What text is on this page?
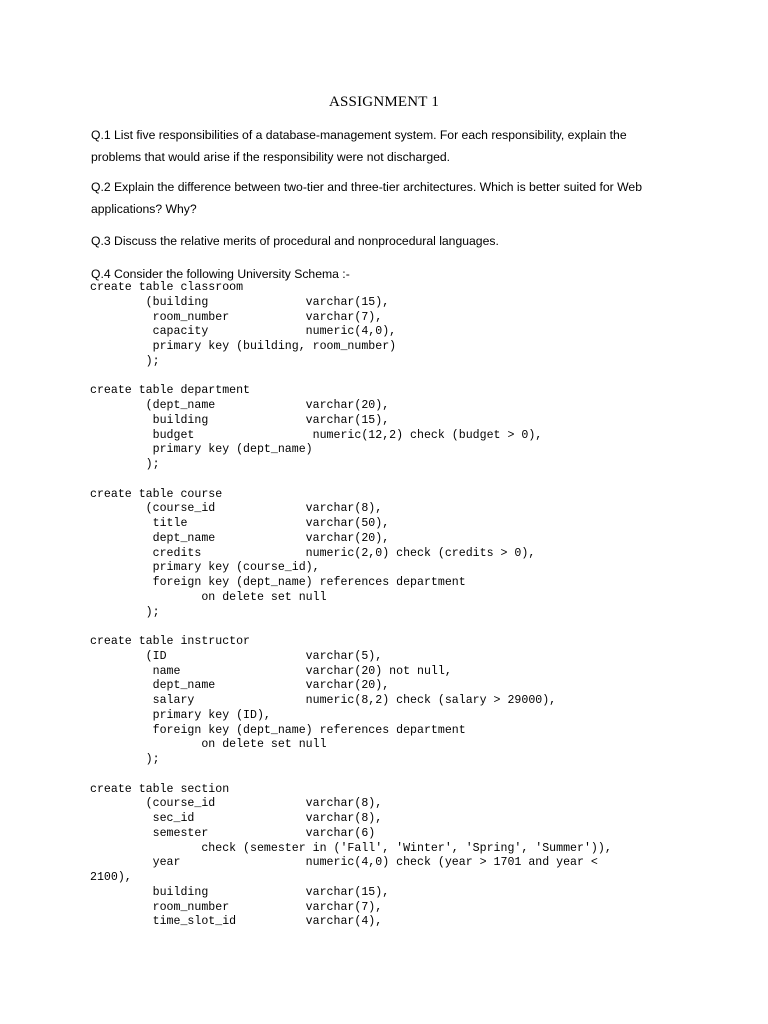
ASSIGNMENT 1
Q.1 List five responsibilities of a database-management system. For each responsibility, explain the
problems that would arise if the responsibility were not discharged.
Q.2 Explain the difference between two-tier and three-tier architectures. Which is better suited for Web
applications? Why?
Q.3 Discuss the relative merits of procedural and nonprocedural languages.
Q.4 Consider the following University Schema :-
create table classroom
(building              varchar(15),
room_number           varchar(7),
capacity              numeric(4,0),
primary key (building, room_number)
);
create table department
(dept_name             varchar(20),
building              varchar(15),
budget                 numeric(12,2) check (budget > 0),
primary key (dept_name)
);
create table course
(course_id             varchar(8),
title                 varchar(50),
dept_name             varchar(20),
credits               numeric(2,0) check (credits > 0),
primary key (course_id),
foreign key (dept_name) references department
on delete set null
);
create table instructor
(ID                    varchar(5),
name                  varchar(20) not null,
dept_name             varchar(20),
salary                numeric(8,2) check (salary > 29000),
primary key (ID),
foreign key (dept_name) references department
on delete set null
);
create table section
(course_id             varchar(8),
sec_id                varchar(8),
semester              varchar(6)
check (semester in ('Fall', 'Winter', 'Spring', 'Summer')),
year                  numeric(4,0) check (year > 1701 and year <
2100),
building              varchar(15),
room_number           varchar(7),
time_slot_id          varchar(4),
